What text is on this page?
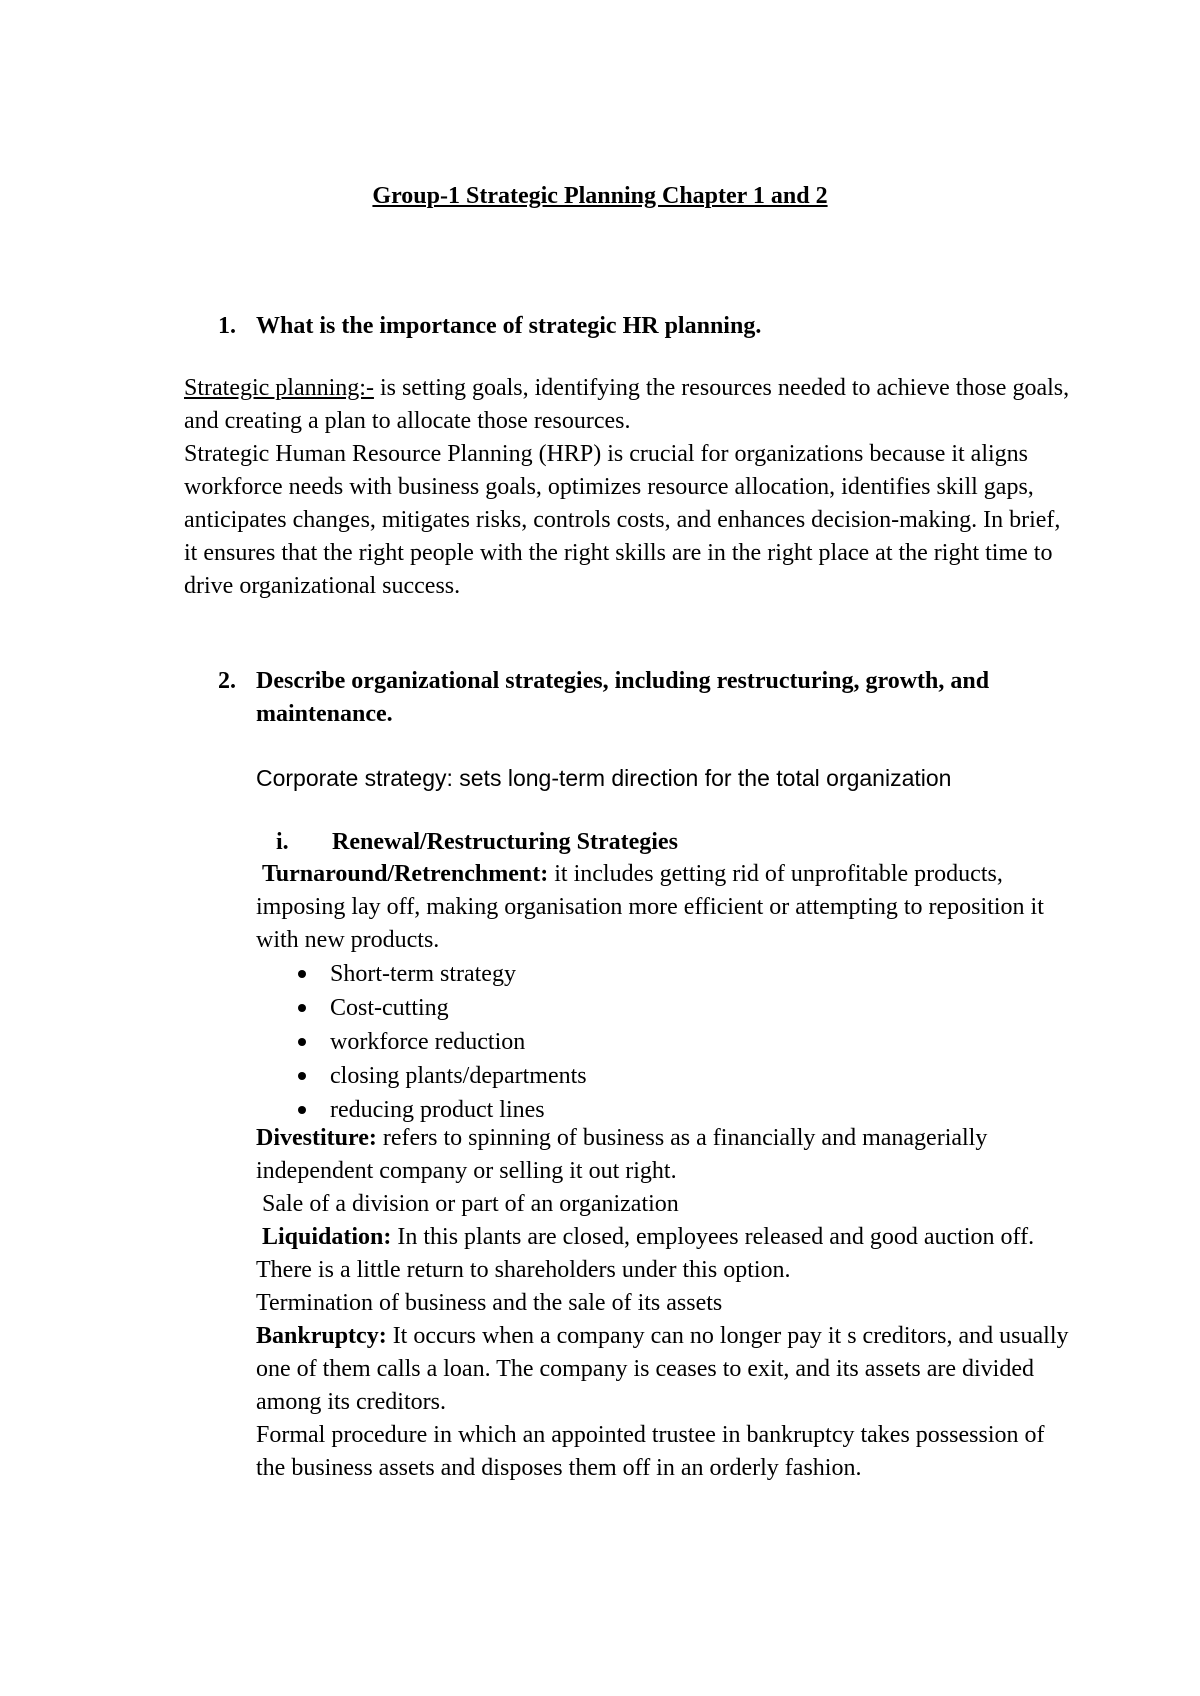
Group-1 Strategic Planning Chapter 1 and 2
1. What is the importance of strategic HR planning.

Strategic planning:- is setting goals, identifying the resources needed to achieve those goals, and creating a plan to allocate those resources.
Strategic Human Resource Planning (HRP) is crucial for organizations because it aligns workforce needs with business goals, optimizes resource allocation, identifies skill gaps, anticipates changes, mitigates risks, controls costs, and enhances decision-making. In brief, it ensures that the right people with the right skills are in the right place at the right time to drive organizational success.

2. Describe organizational strategies, including restructuring, growth, and maintenance.

Corporate strategy: sets long-term direction for the total organization

i. Renewal/Restructuring Strategies
Turnaround/Retrenchment: it includes getting rid of unprofitable products, imposing lay off, making organisation more efficient or attempting to reposition it with new products.
Short-term strategy
Cost-cutting
workforce reduction
closing plants/departments
reducing product lines
Divestiture: refers to spinning of business as a financially and managerially independent company or selling it out right.
Sale of a division or part of an organization
Liquidation: In this plants are closed, employees released and good auction off. There is a little return to shareholders under this option.
Termination of business and the sale of its assets
Bankruptcy: It occurs when a company can no longer pay it s creditors, and usually one of them calls a loan. The company is ceases to exit, and its assets are divided among its creditors.
Formal procedure in which an appointed trustee in bankruptcy takes possession of the business assets and disposes them off in an orderly fashion.
